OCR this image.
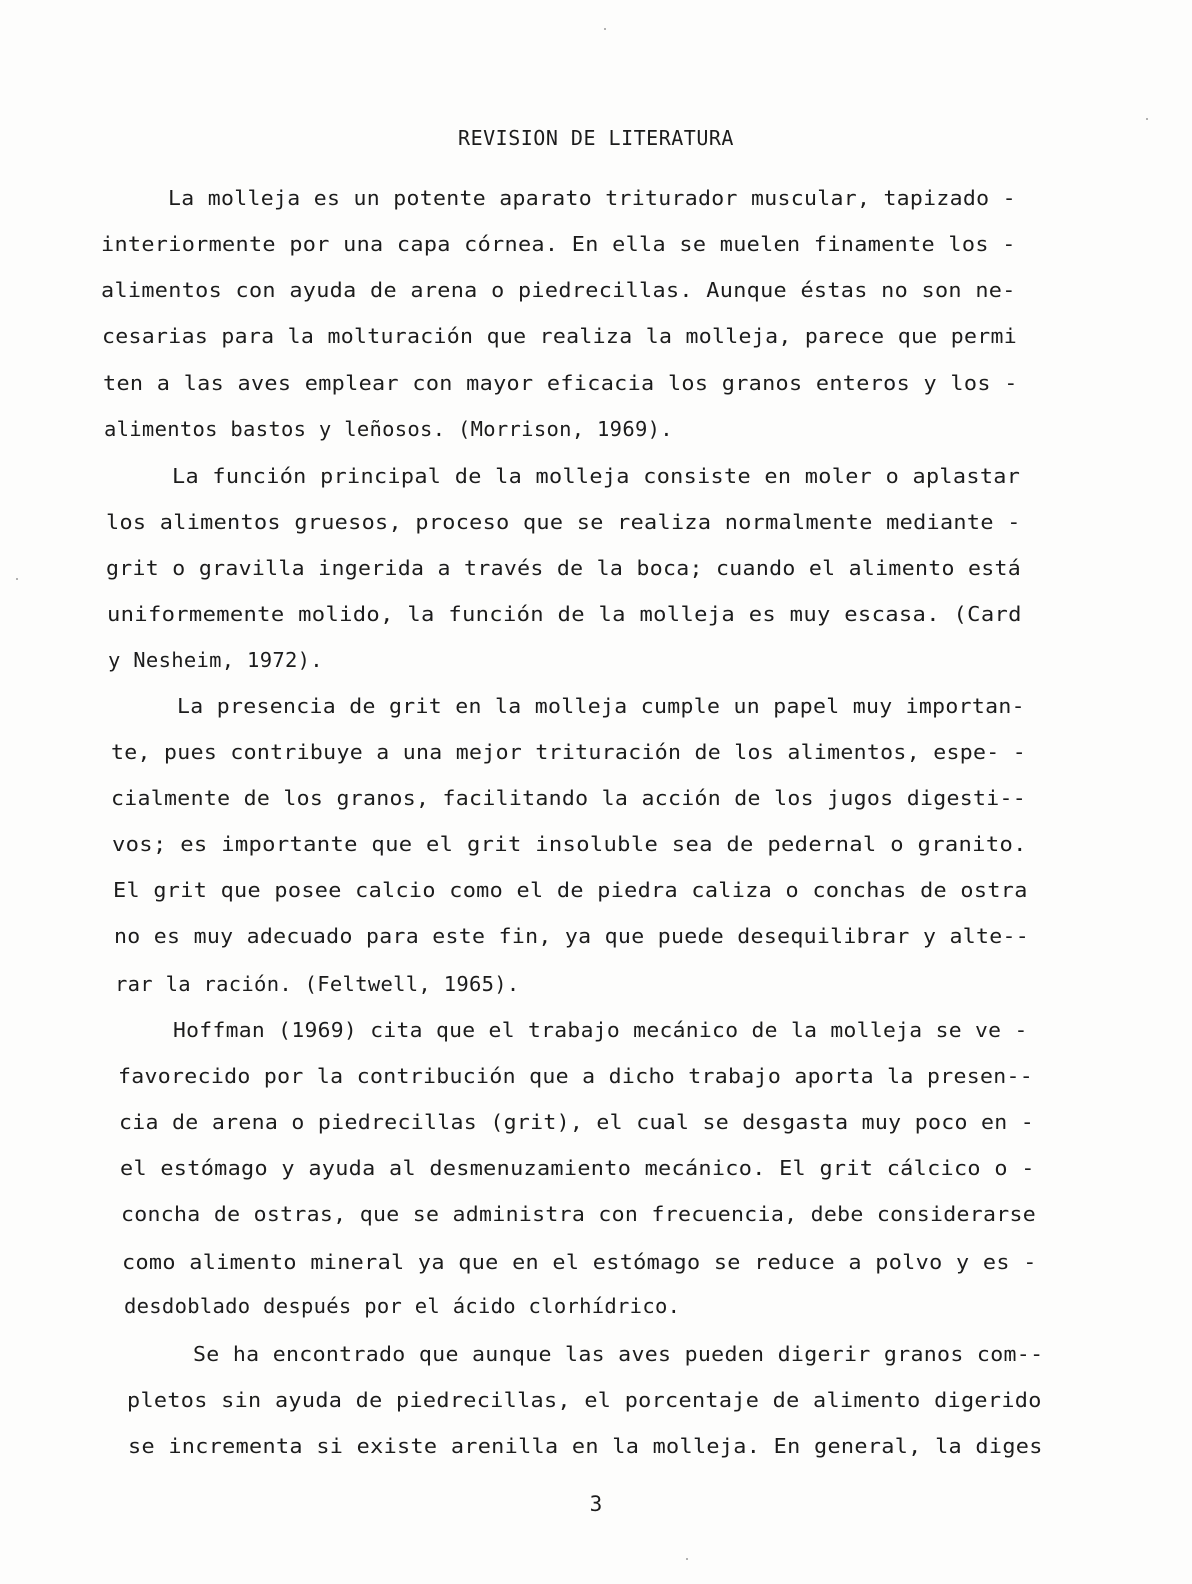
REVISION DE LITERATURA
La molleja es un potente aparato triturador muscular, tapizado -
interiormente por una capa córnea. En ella se muelen finamente los -
alimentos con ayuda de arena o piedrecillas. Aunque éstas no son ne-
cesarias para la molturación que realiza la molleja, parece que permi
ten a las aves emplear con mayor eficacia los granos enteros y los -
alimentos bastos y leñosos. (Morrison, 1969).
La función principal de la molleja consiste en moler o aplastar
los alimentos gruesos, proceso que se realiza normalmente mediante -
grit o gravilla ingerida a través de la boca; cuando el alimento está
uniformemente molido, la función de la molleja es muy escasa. (Card
y Nesheim, 1972).
La presencia de grit en la molleja cumple un papel muy importan-
te, pues contribuye a una mejor trituración de los alimentos, espe- -
cialmente de los granos, facilitando la acción de los jugos digesti--
vos; es importante que el grit insoluble sea de pedernal o granito.
El grit que posee calcio como el de piedra caliza o conchas de ostra
no es muy adecuado para este fin, ya que puede desequilibrar y alte--
rar la ración. (Feltwell, 1965).
Hoffman (1969) cita que el trabajo mecánico de la molleja se ve -
favorecido por la contribución que a dicho trabajo aporta la presen--
cia de arena o piedrecillas (grit), el cual se desgasta muy poco en -
el estómago y ayuda al desmenuzamiento mecánico. El grit cálcico o -
concha de ostras, que se administra con frecuencia, debe considerarse
como alimento mineral ya que en el estómago se reduce a polvo y es -
desdoblado después por el ácido clorhídrico.
Se ha encontrado que aunque las aves pueden digerir granos com--
pletos sin ayuda de piedrecillas, el porcentaje de alimento digerido
se incrementa si existe arenilla en la molleja. En general, la diges
3
